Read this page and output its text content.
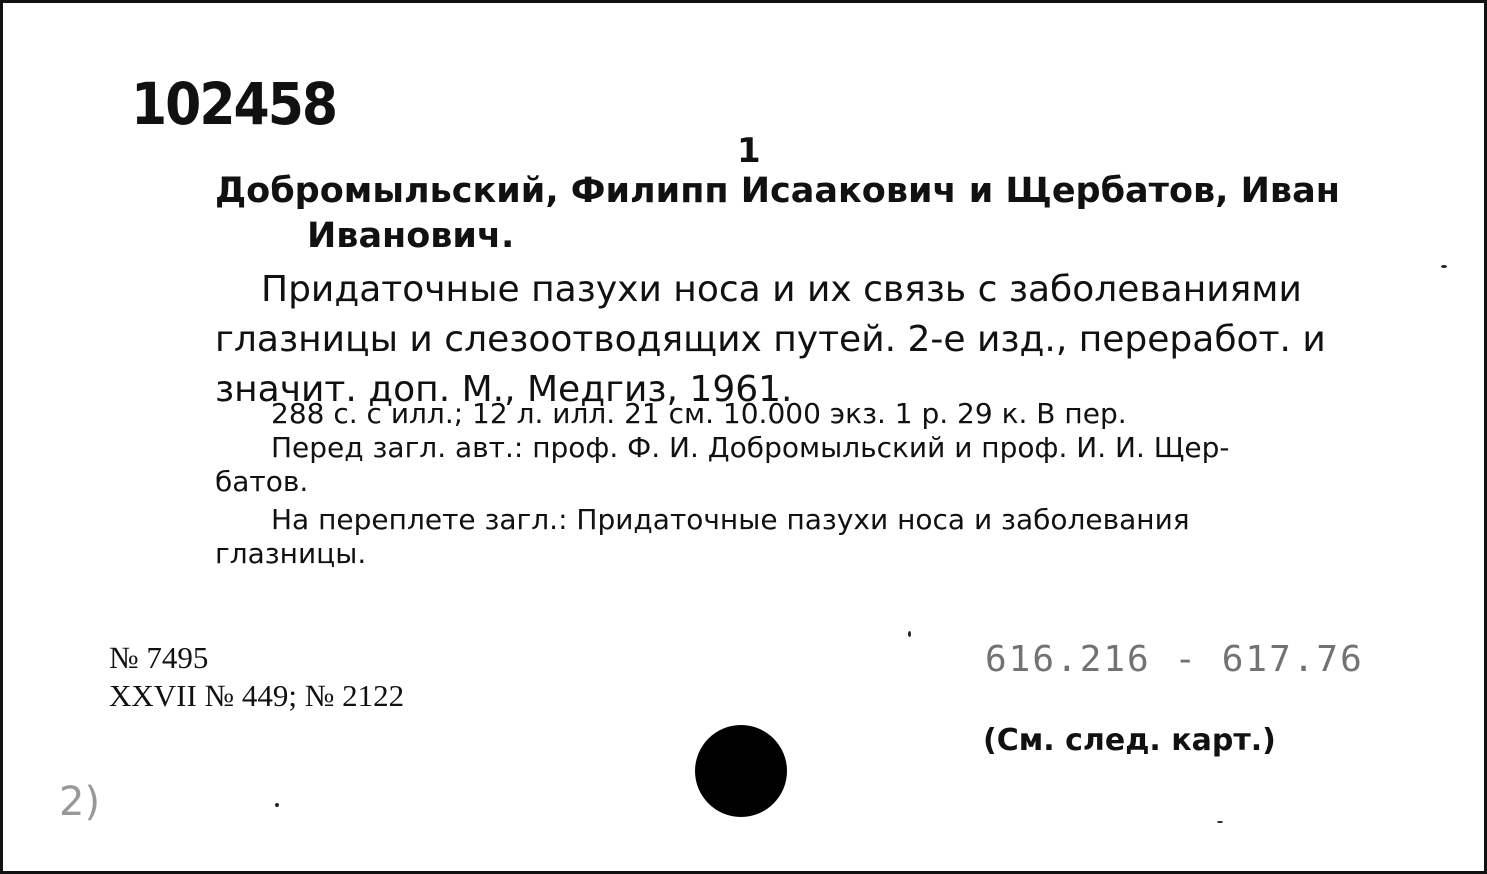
102458
1
Добромыльский, Филипп Исаакович и Щербатов, Иван
Иванович.
Придаточные пазухи носа и их связь с заболеваниями
глазницы и слезоотводящих путей. 2-е изд., переработ. и
значит. доп. М., Медгиз, 1961.
288 с. с илл.; 12 л. илл. 21 см. 10.000 экз. 1 р. 29 к. В пер.
Перед загл. авт.: проф. Ф. И. Добромыльский и проф. И. И. Щер-
батов.
На переплете загл.: Придаточные пазухи носа и заболевания
глазницы.
№ 7495
XXVII № 449; № 2122
616.216 - 617.76
(См. след. карт.)
2)
